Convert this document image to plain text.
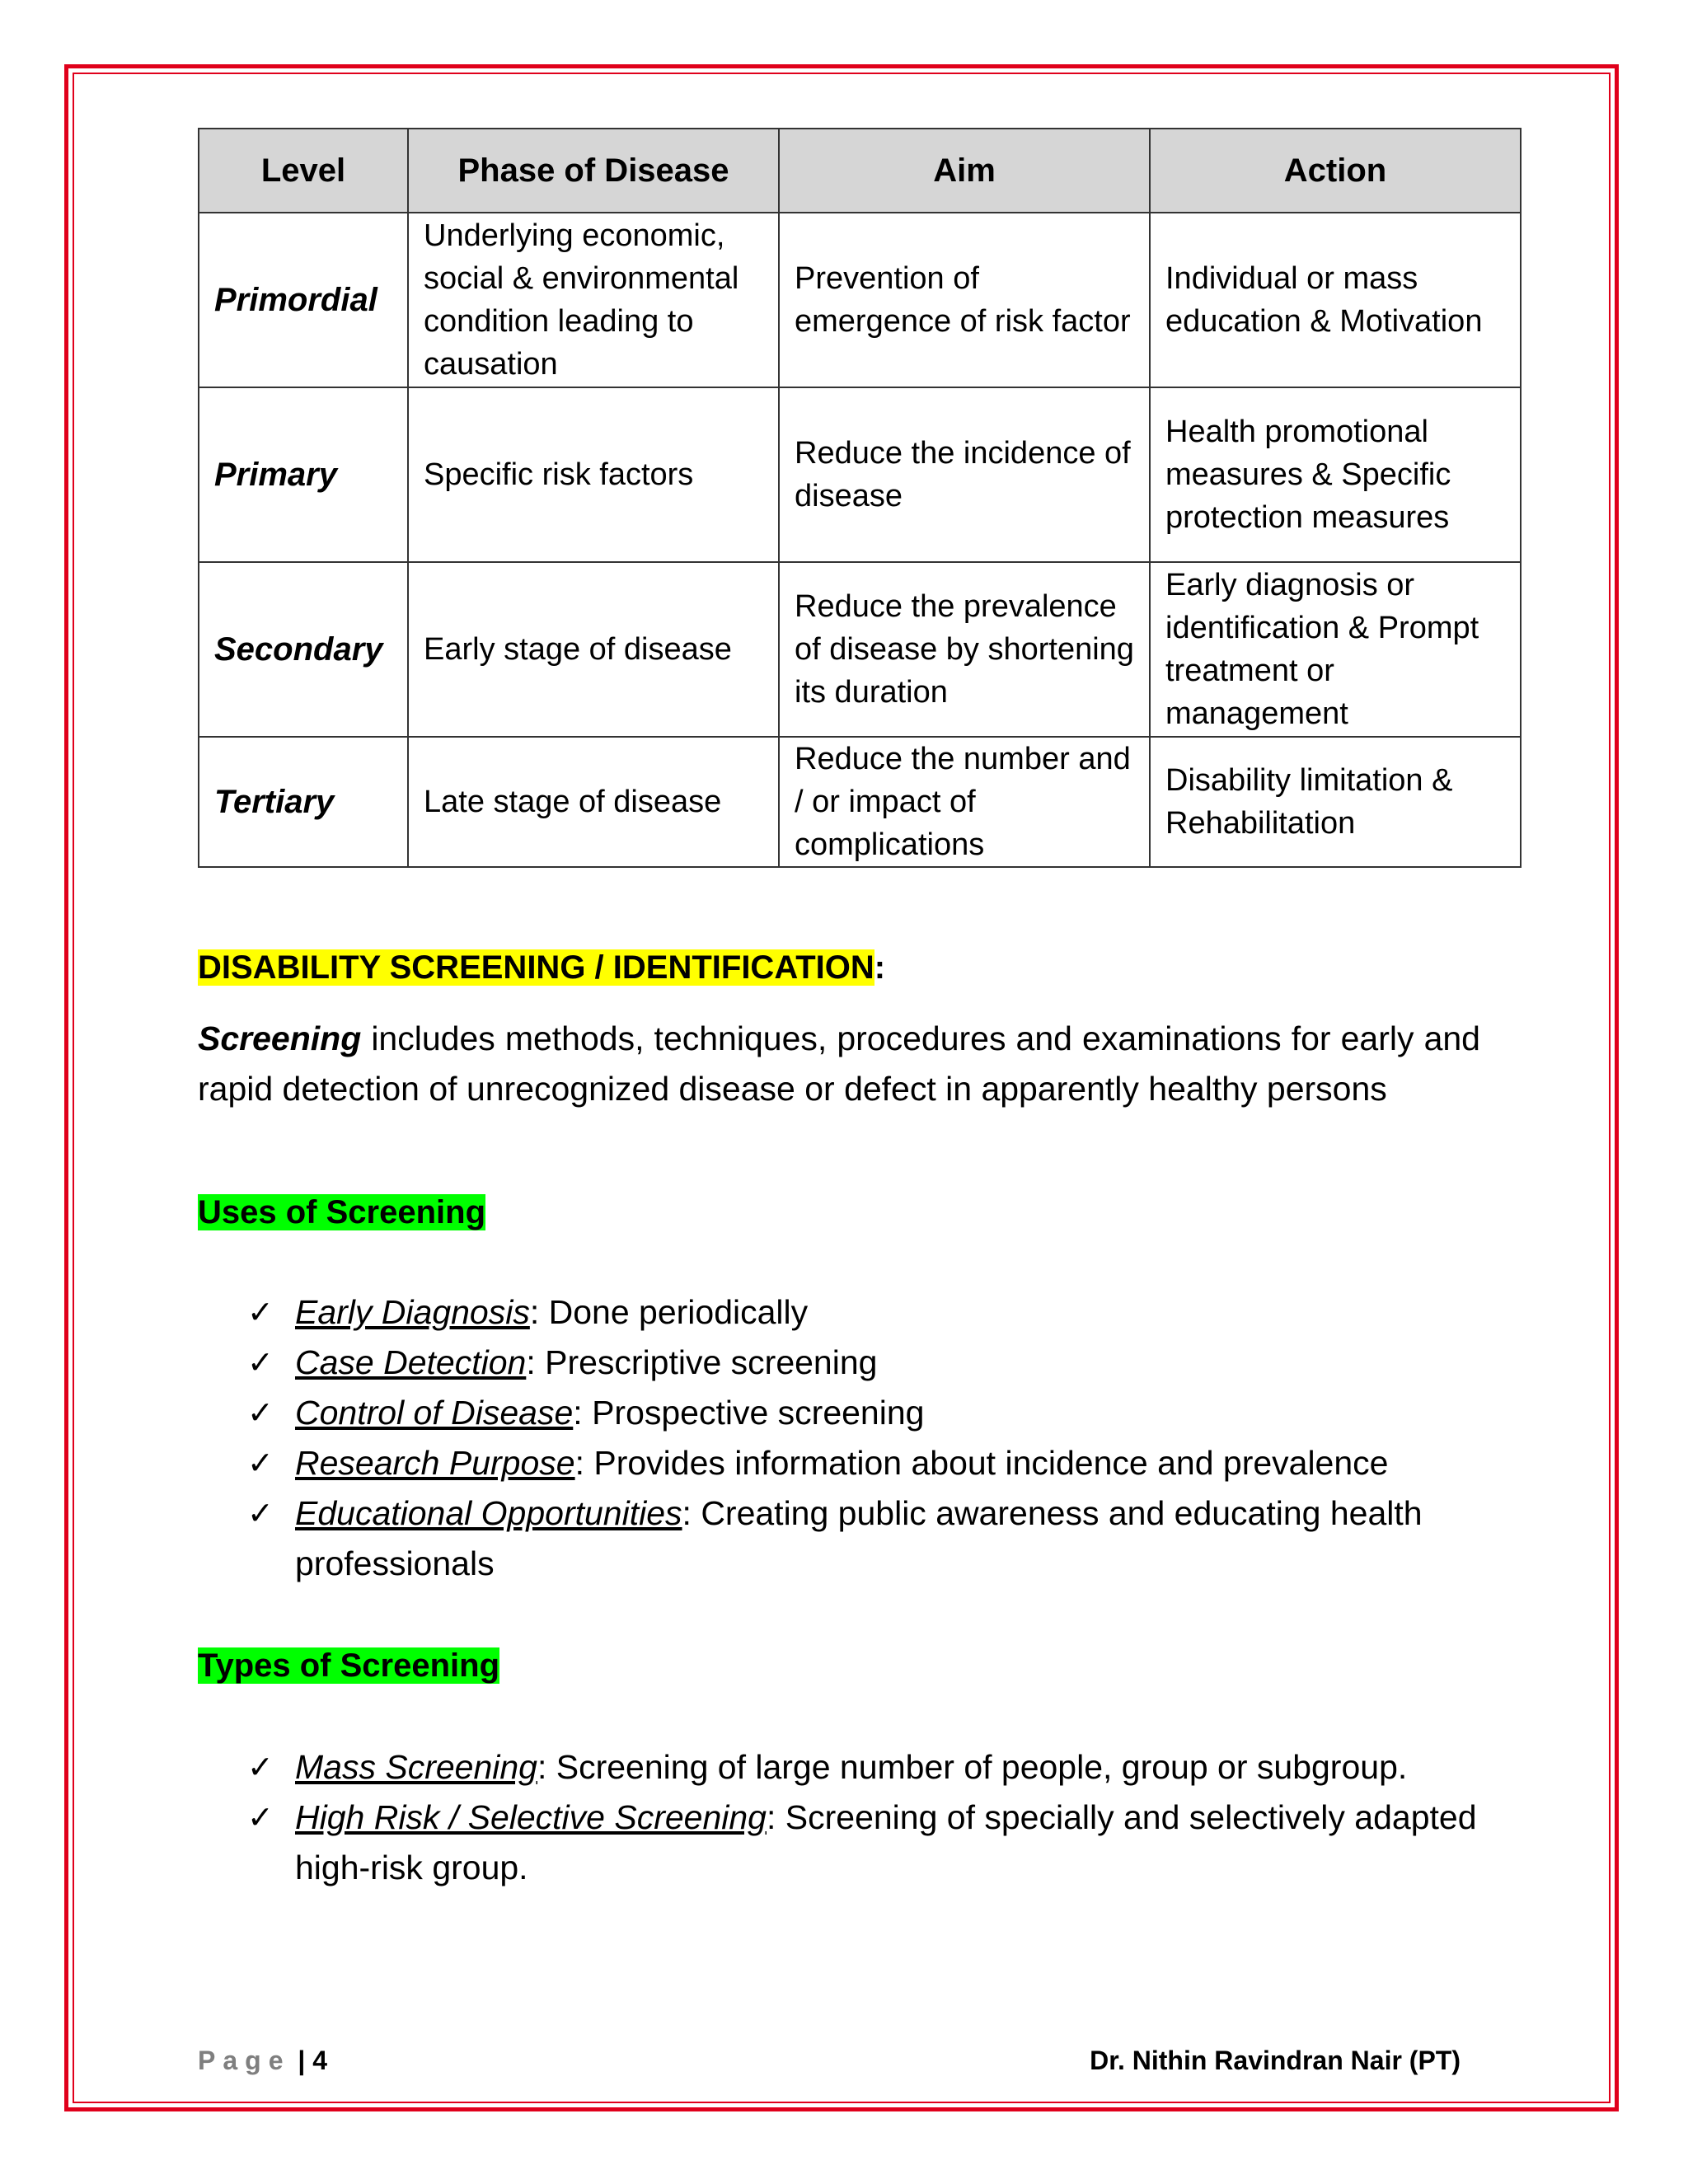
Level	Phase of Disease	Aim	Action
Primordial	Underlying economic, social & environmental condition leading to causation	Prevention of emergence of risk factor	Individual or mass education & Motivation
Primary	Specific risk factors	Reduce the incidence of disease	Health promotional measures & Specific protection measures
Secondary	Early stage of disease	Reduce the prevalence of disease by shortening its duration	Early diagnosis or identification & Prompt treatment or management
Tertiary	Late stage of disease	Reduce the number and / or impact of complications	Disability limitation & Rehabilitation
DISABILITY SCREENING / IDENTIFICATION:

Screening includes methods, techniques, procedures and examinations for early and rapid detection of unrecognized disease or defect in apparently healthy persons

Uses of Screening
✓ Early Diagnosis: Done periodically
✓ Case Detection: Prescriptive screening
✓ Control of Disease: Prospective screening
✓ Research Purpose: Provides information about incidence and prevalence
✓ Educational Opportunities: Creating public awareness and educating health professionals
Types of Screening
✓ Mass Screening: Screening of large number of people, group or subgroup.
✓ High Risk / Selective Screening: Screening of specially and selectively adapted high-risk group.
Page | 4	Dr. Nithin Ravindran Nair (PT)
